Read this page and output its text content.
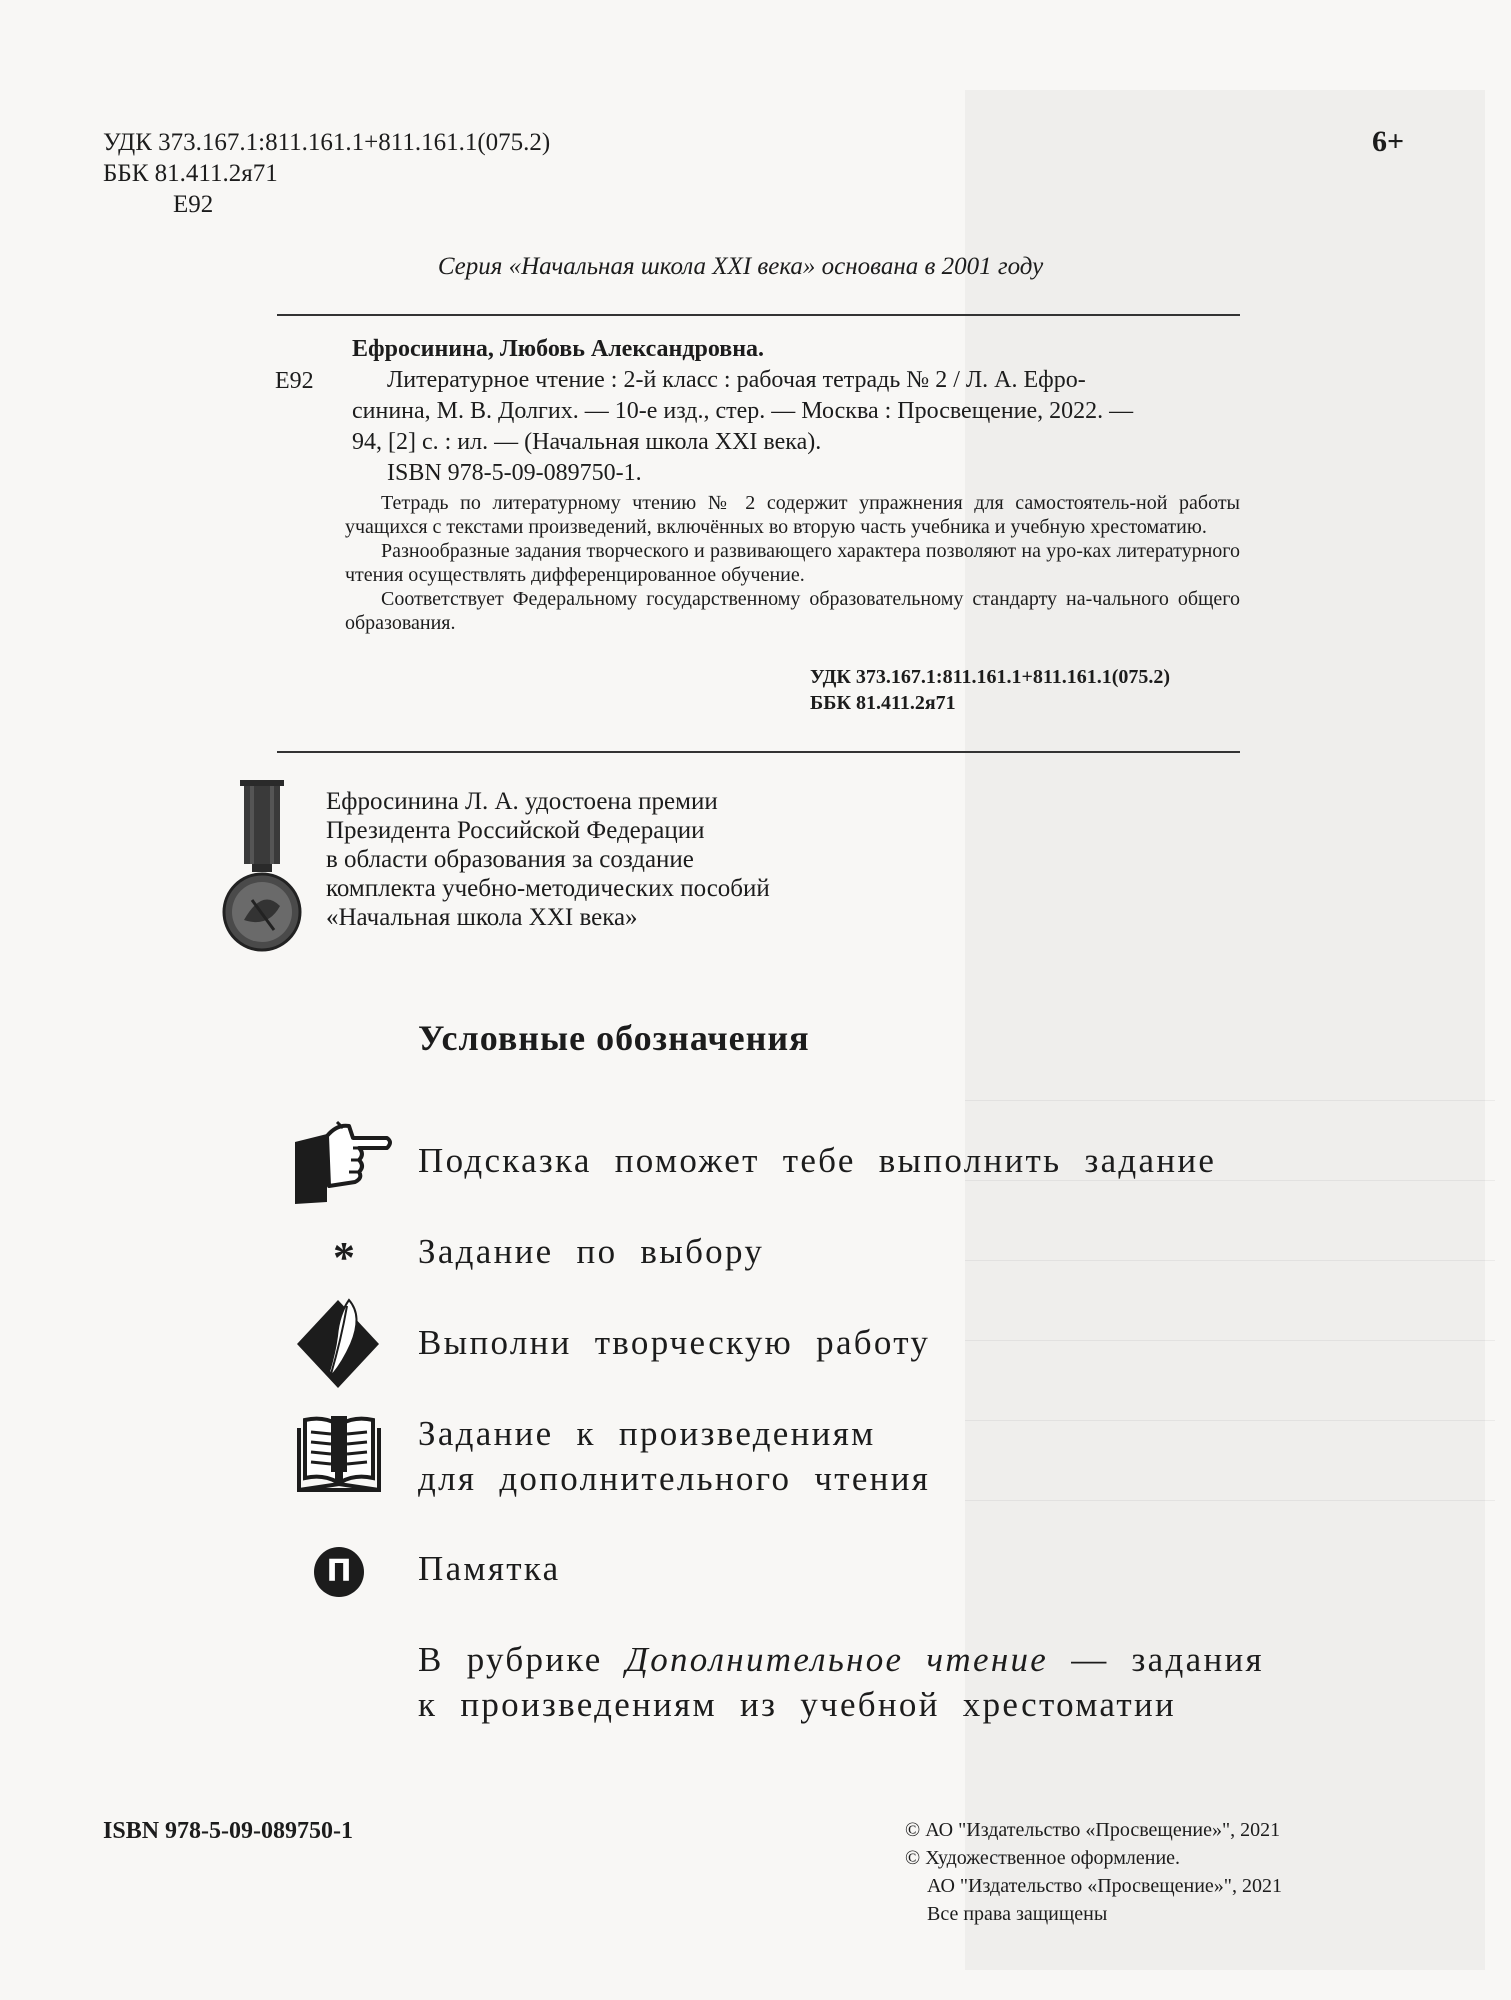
УДК 373.167.1:811.161.1+811.161.1(075.2)
ББК 81.411.2я71
Е92
6+
Серия «Начальная школа XXI века» основана в 2001 году
Е92
Ефросинина, Любовь Александровна.
Литературное чтение : 2-й класс : рабочая тетрадь № 2 / Л. А. Ефро-
синина, М. В. Долгих. — 10-е изд., стер. — Москва : Просвещение, 2022. —
94, [2] с. : ил. — (Начальная школа XXI века).
ISBN 978-5-09-089750-1.

Тетрадь по литературному чтению № 2 содержит упражнения для самостоятель-ной работы учащихся с текстами произведений, включённых во вторую часть учебника и учебную хрестоматию.

Разнообразные задания творческого и развивающего характера позволяют на уро-ках литературного чтения осуществлять дифференцированное обучение.

Соответствует Федеральному государственному образовательному стандарту на-чального общего образования.

УДК 373.167.1:811.161.1+811.161.1(075.2)
ББК 81.411.2я71
Ефросинина Л. А. удостоена премии
Президента Российской Федерации
в области образования за создание
комплекта учебно-методических пособий
«Начальная школа XXI века»
Условные обозначения
Подсказка поможет тебе выполнить задание
* Задание по выбору
Выполни творческую работу
Задание к произведениям
для дополнительного чтения
П	Памятка
В рубрике Дополнительное чтение — задания
к произведениям из учебной хрестоматии
ISBN 978-5-09-089750-1	© АО "Издательство «Просвещение»", 2021
© Художественное оформление.
АО "Издательство «Просвещение»", 2021
Все права защищены
